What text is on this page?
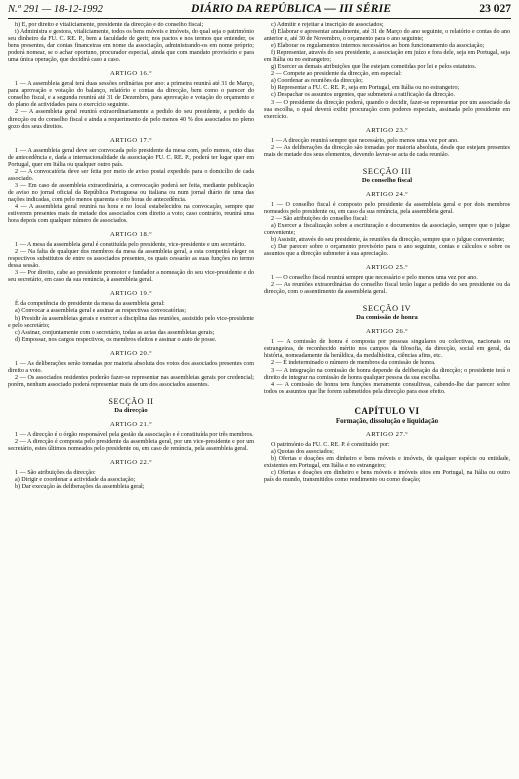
N.º 291 — 18-12-1992	DIÁRIO DA REPÚBLICA — III SÉRIE	23 027

h) E, por direito e vitaliciamente, presidente da direcção e do conselho fiscal;

i) Administra e gestora, vitaliciamente, todos os bens móveis e imóveis, do qual seja o património seu dinheiro da FU. C. RE. P., bem a faculdade de gerir, nos pactos e nos termos que entender, os bens presentes, dar contas financeiras em nome da associação, administrando-os em nome próprio; poderá nomear, se o achar oportuno, procurador especial, ainda que com mandato provisório e para uma única operação, que decidirá caso a caso.

ARTIGO 16.º

1 — A assembleia geral terá duas sessões ordinárias por ano: a primeira reunirá até 31 de Março, para aprovação e votação do balanço, relatório e contas da direcção, bem como o parecer do conselho fiscal, e a segunda reunirá até 31 de Dezembro, para aprovação e votação do orçamento e do plano de actividades para o exercício seguinte.

2 — A assembleia geral reunirá extraordinariamente a pedido do seu presidente, a pedido da direcção ou do conselho fiscal e ainda a requerimento de pelo menos 40 % dos associados no pleno gozo dos seus direitos.

ARTIGO 17.º

1 — A assembleia geral deve ser convocada pelo presidente da mesa com, pelo menos, oito dias de antecedência e, dada a internacionalidade da associação FU. C. RE. P., poderá ter lugar quer em Portugal, quer em Itália ou qualquer outro país.

2 — A convocatória deve ser feita por meio de aviso postal expedido para o domicílio de cada associado.

3 — Em caso de assembleia extraordinária, a convocação poderá ser feita, mediante publicação de aviso no jornal oficial da República Portuguesa ou italiana ou num jornal diário de uma das nações indicadas, com pelo menos quarenta e oito horas de antecedência.

4 — A assembleia geral reunirá na hora e no local estabelecidos na convocação, sempre que estiverem presentes mais de metade dos associados com direito a voto; caso contrário, reunirá uma hora depois com qualquer número de associados.

ARTIGO 18.º

1 — A mesa da assembleia geral é constituída pelo presidente, vice-presidente e um secretário.

2 — Na falta de qualquer dos membros da mesa da assembleia geral, a esta competirá eleger os respectivos substitutos de entre os associados presentes, os quais cessarão as suas funções no termo dessa sessão.

3 — Por direito, cabe ao presidente promotor e fundador a nomeação do seu vice-presidente e do seu secretário, em caso da sua renúncia, à assembleia geral.

ARTIGO 19.º

É da competência do presidente da mesa da assembleia geral:

a) Convocar a assembleia geral e assinar as respectivas convocatórias;

b) Presidir às assembleias gerais e exercer a disciplina das reuniões, assistido pelo vice-presidente e pelo secretário;

c) Assinar, conjuntamente com o secretário, todas as actas das assembleias gerais;

d) Empossar, nos cargos respectivos, os membros eleitos e assinar o auto de posse.

ARTIGO 20.º

1 — As deliberações serão tomadas por maioria absoluta dos votos dos associados presentes com direito a voto.

2 — Os associados residentes poderão fazer-se representar nas assembleias gerais por credencial; porém, nenhum associado poderá representar mais de um dos associados ausentes.

SECÇÃO II
Da direcção
ARTIGO 21.º

1 — A direcção é o órgão responsável pela gestão da associação e é constituída por três membros.

2 — A direcção é composta pelo presidente da assembleia geral, por um vice-presidente e por um secretário, estes últimos nomeados pelo presidente ou, em caso de renúncia, pela assembleia geral.

ARTIGO 22.º

1 — São atribuições da direcção:

a) Dirigir e coordenar a actividade da associação;

b) Dar execução às deliberações da assembleia geral;

c) Admitir e rejeitar a inscrição de associados;

d) Elaborar e apresentar anualmente, até 31 de Março do ano seguinte, o relatório e contas do ano anterior e, até 30 de Novembro, o orçamento para o ano seguinte;

e) Elaborar os regulamentos internos necessários ao bom funcionamento da associação;

f) Representar, através do seu presidente, a associação em juízo e fora dele, seja em Portugal, seja em Itália ou no estrangeiro;

g) Exercer as demais atribuições que lhe estejam cometidas por lei e pelos estatutos.

2 — Compete ao presidente da direcção, em especial:

a) Coordenar as reuniões da direcção;

b) Representar a FU. C. RE. P., seja em Portugal, em Itália ou no estrangeiro;

c) Despachar os assuntos urgentes, que submeterá a ratificação da direcção.

3 — O presidente da direcção poderá, quando o decidir, fazer-se representar por um associado da sua escolha, o qual deverá exibir procuração com poderes especiais, assinada pelo presidente em exercício.

ARTIGO 23.º

1 — A direcção reunirá sempre que necessário, pelo menos uma vez por ano.

2 — As deliberações da direcção são tomadas por maioria absoluta, desde que estejam presentes mais de metade dos seus elementos, devendo lavrar-se acta de cada reunião.

SECÇÃO III
Do conselho fiscal
ARTIGO 24.º

1 — O conselho fiscal é composto pelo presidente da assembleia geral e por dois membros nomeados pelo presidente ou, em caso da sua renúncia, pela assembleia geral.

2 — São atribuições do conselho fiscal:

a) Exercer a fiscalização sobre a escrituração e documentos da associação, sempre que o julgue conveniente;

b) Assistir, através do seu presidente, às reuniões da direcção, sempre que o julgue conveniente;

c) Dar parecer sobre o orçamento provisório para o ano seguinte, contas e cálculos e sobre os assuntos que a direcção submeter à sua apreciação.

ARTIGO 25.º

1 — O conselho fiscal reunirá sempre que necessário e pelo menos uma vez por ano.

2 — As reuniões extraordinárias do conselho fiscal terão lugar a pedido do seu presidente ou da direcção, com o assentimento da assembleia geral.

SECÇÃO IV
Da comissão de honra
ARTIGO 26.º

1 — A comissão de honra é composta por pessoas singulares ou colectivas, nacionais ou estrangeiras, de reconhecido mérito nos campos da filosofia, da direcção, social em geral, da história, nomeadamente da heráldica, da medalhística, ciências afins, etc.

2 — É indeterminado o número de membros da comissão de honra.

3 — A integração na comissão de honra depende da deliberação da direcção; o presidente terá o direito de integrar na comissão de honra qualquer pessoa da sua escolha.

4 — A comissão de honra tem funções meramente consultivas, cabendo-lhe dar parecer sobre todos os assuntos que lhe forem submetidos pela direcção para esse efeito.

CAPÍTULO VI
Formação, dissolução e liquidação
ARTIGO 27.º

O património da FU. C. RE. P. é constituído por:

a) Quotas dos associados;

b) Ofertas e doações em dinheiro e bens móveis e imóveis, de qualquer espécie ou entidade, existentes em Portugal, em Itália e no estrangeiro;

c) Ofertas e doações em dinheiro e bens móveis e imóveis sitos em Portugal, na Itália ou outro país do mundo, transmitidos como rendimento ou como doação;
